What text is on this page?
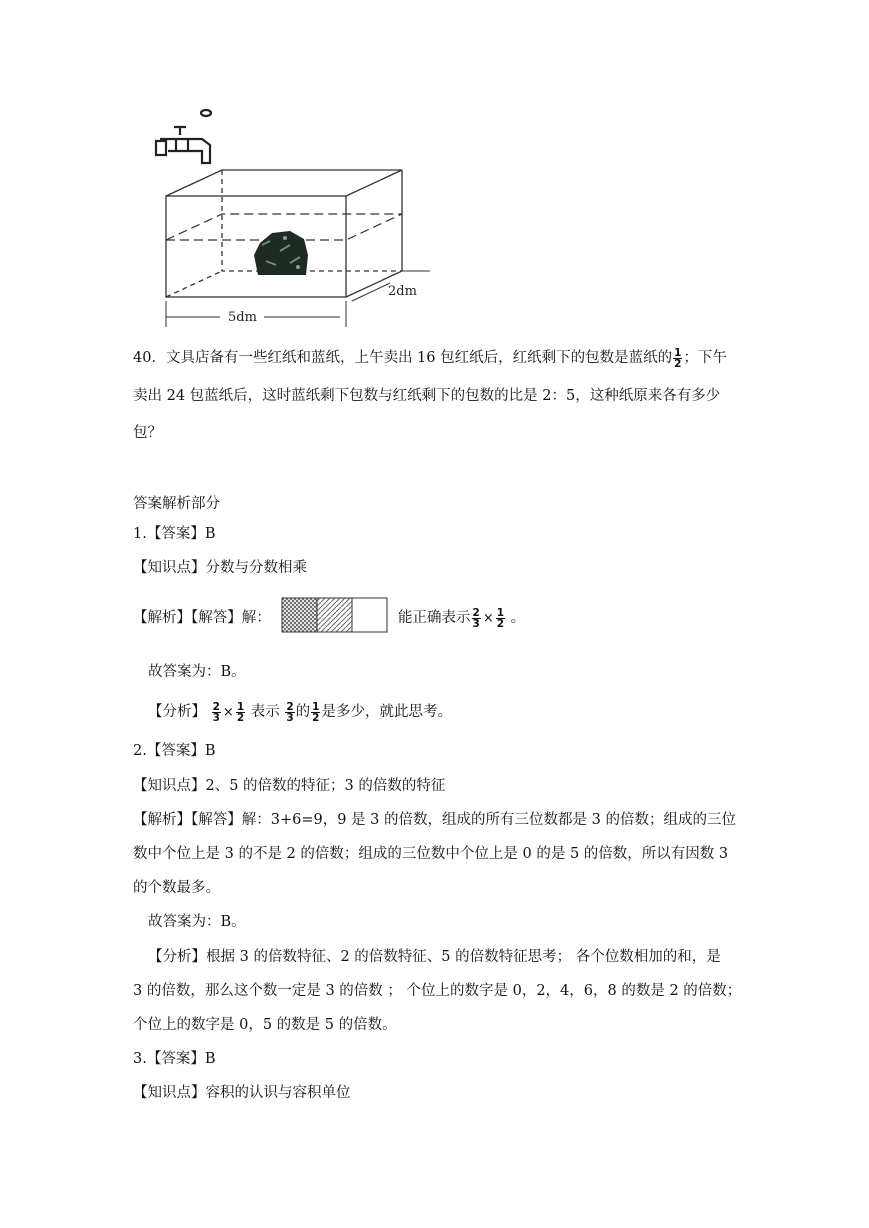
5dm
2dm
40．文具店备有一些红纸和蓝纸，上午卖出 16 包红纸后，红纸剩下的包数是蓝纸的 $\frac{1}{2}$ ；下午
卖出 24 包蓝纸后，这时蓝纸剩下包数与红纸剩下的包数的比是 2：5，这种纸原来各有多少
包？
答案解析部分
1.【答案】B
【知识点】分数与分数相乘
【解析】【解答】解：	能正确表示 $\frac{2}{3} \times \frac{1}{2}$ 。
故答案为：B。
【分析】 $\frac{2}{3} \times \frac{1}{2}$ 表示 $\frac{2}{3}$ 的 $\frac{1}{2}$ 是多少，就此思考。
2.【答案】B
【知识点】2、5 的倍数的特征；3 的倍数的特征
【解析】【解答】解：3+6=9，9 是 3 的倍数，组成的所有三位数都是 3 的倍数；组成的三位
数中个位上是 3 的不是 2 的倍数；组成的三位数中个位上是 0 的是 5 的倍数，所以有因数 3
的个数最多。
故答案为：B。
【分析】根据 3 的倍数特征、2 的倍数特征、5 的倍数特征思考； 各个位数相加的和，是
3 的倍数，那么这个数一定是 3 的倍数 ； 个位上的数字是 0，2，4，6，8 的数是 2 的倍数；
个位上的数字是 0，5 的数是 5 的倍数。
3.【答案】B
【知识点】容积的认识与容积单位
